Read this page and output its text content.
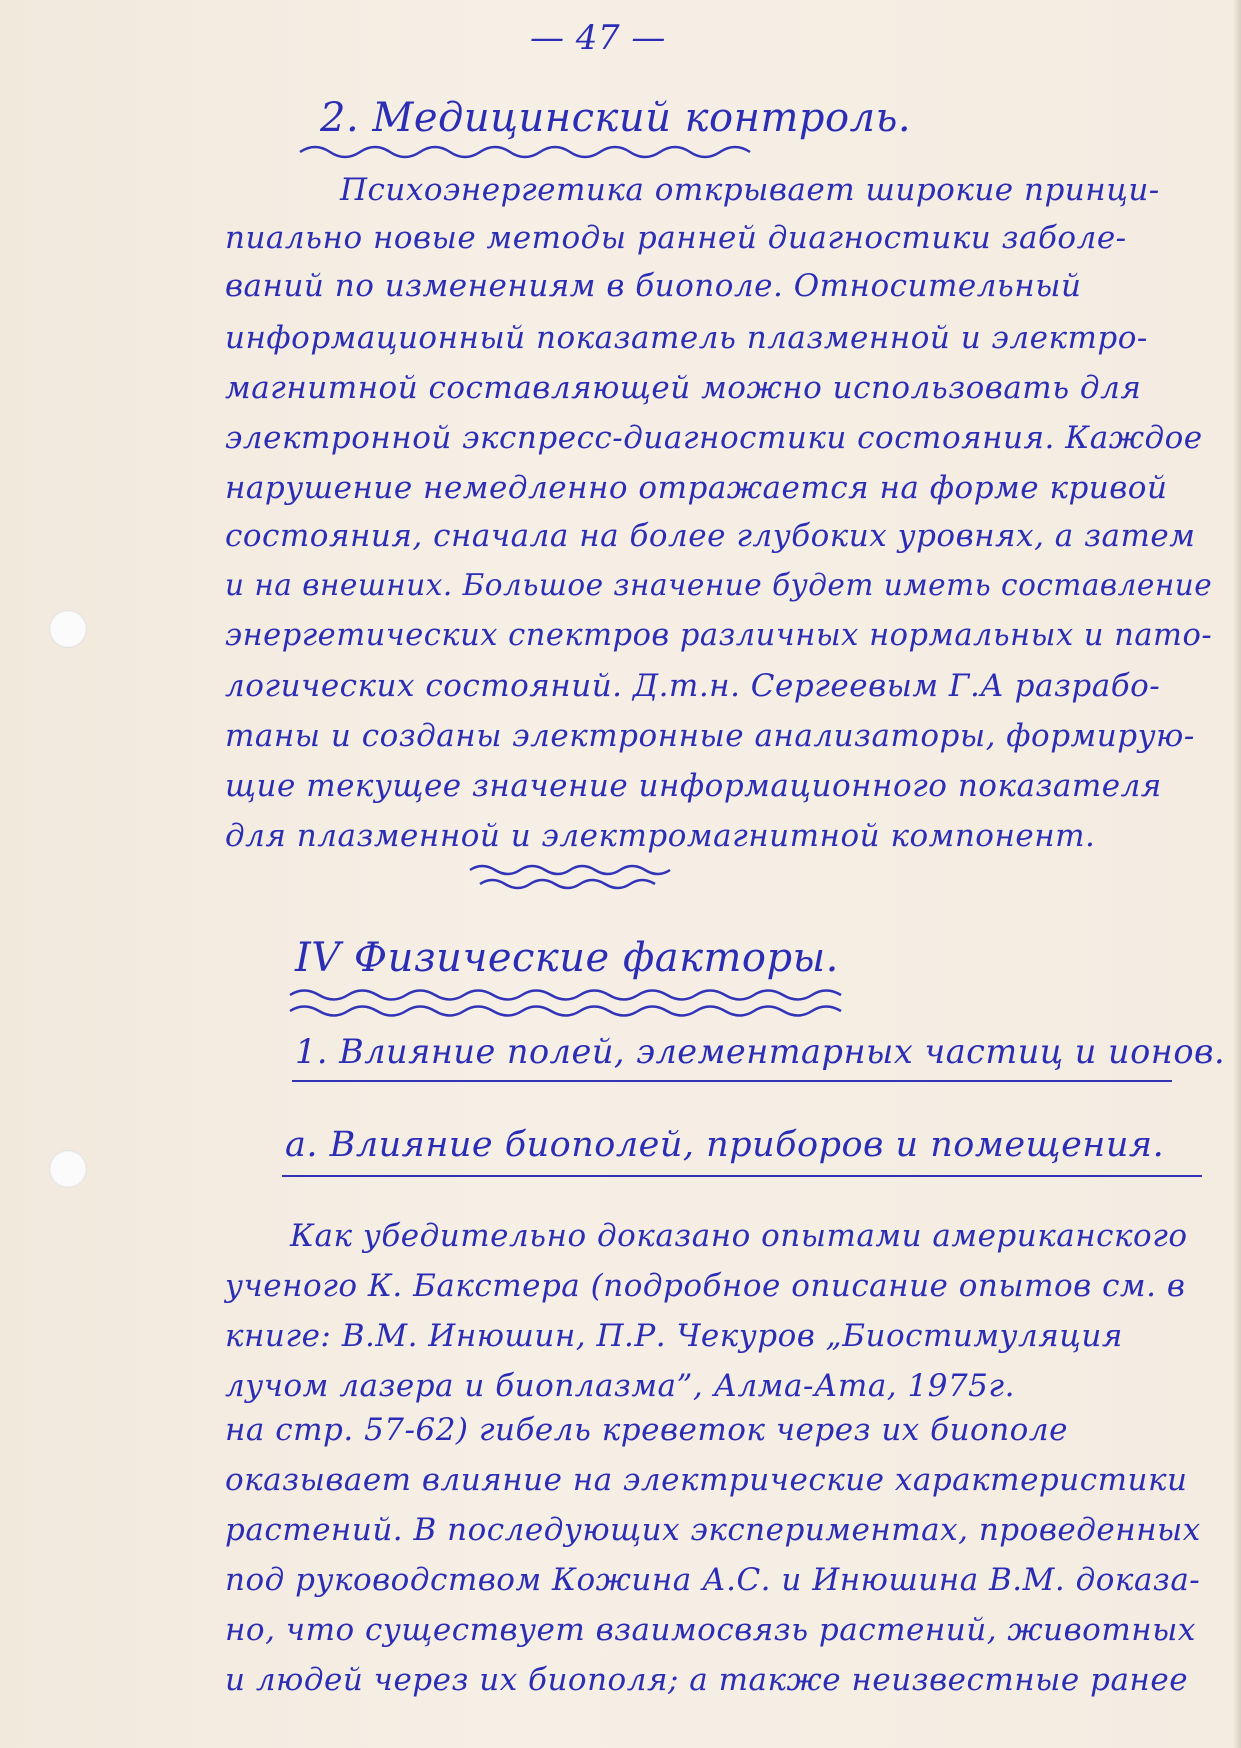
— 47 —
2. Медицинский контроль.
Психоэнергетика открывает широкие принци-
пиально новые методы ранней диагностики заболе-
ваний по изменениям в биополе. Относительный
информационный показатель плазменной и электро-
магнитной составляющей можно использовать для
электронной экспресс-диагностики состояния. Каждое
нарушение немедленно отражается на форме кривой
состояния, сначала на более глубоких уровнях, а затем
и на внешних. Большое значение будет иметь составление
энергетических спектров различных нормальных и пато-
логических состояний. Д.т.н. Сергеевым Г.А разрабо-
таны и созданы электронные анализаторы, формирую-
щие текущее значение информационного показателя
для плазменной и электромагнитной компонент.
IV Физические факторы.
1. Влияние полей, элементарных частиц и ионов.
а. Влияние биополей, приборов и помещения.
Как убедительно доказано опытами американского
ученого К. Бакстера (подробное описание опытов см. в
книге: В.М. Инюшин, П.Р. Чекуров „Биостимуляция
лучом лазера и биоплазма”, Алма-Ата, 1975г.
на стр. 57-62) гибель креветок через их биополе
оказывает влияние на электрические характеристики
растений. В последующих экспериментах, проведенных
под руководством Кожина А.С. и Инюшина В.М. доказа-
но, что существует взаимосвязь растений, животных
и людей через их биополя; а также неизвестные ранее
